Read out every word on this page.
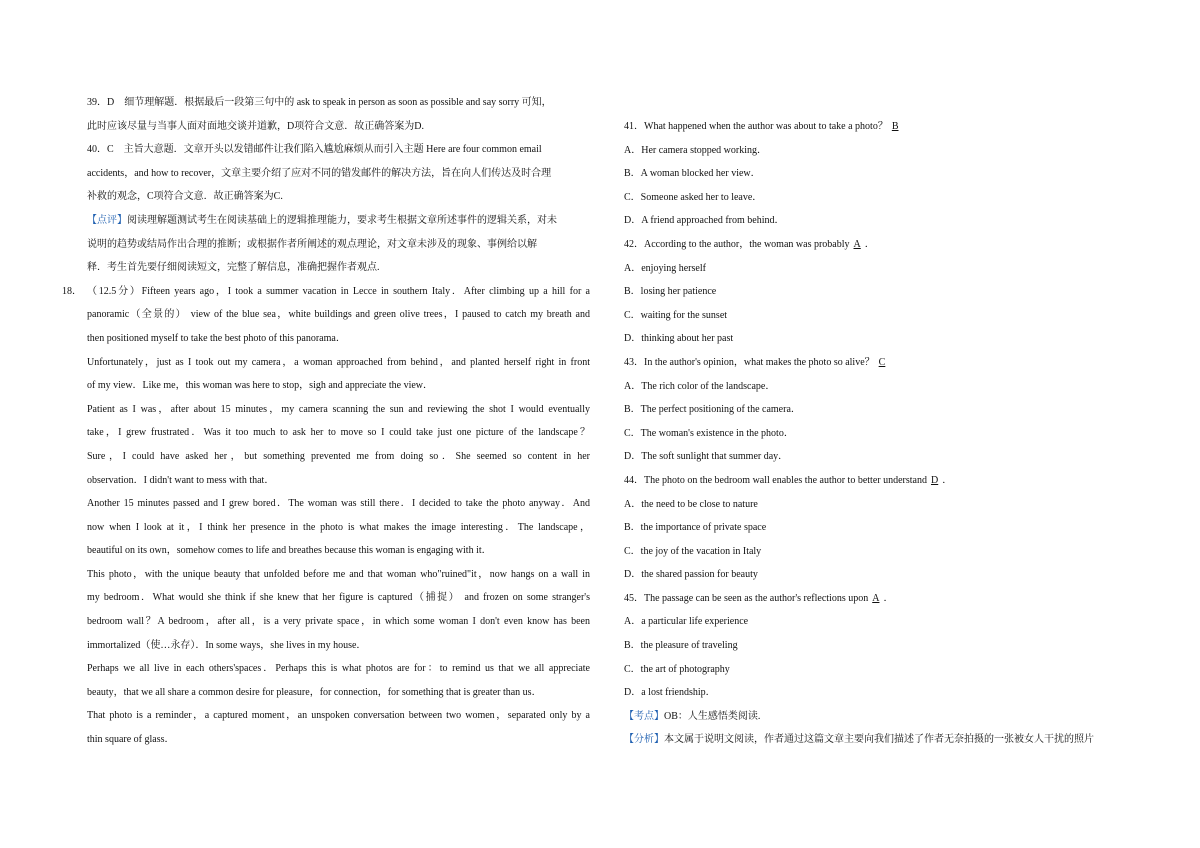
39．D　细节理解题．根据最后一段第三句中的 ask to speak in person as soon as possible and say sorry 可知，
此时应该尽量与当事人面对面地交谈并道歉，D项符合文意．故正确答案为D.
40．C　主旨大意题．文章开头以发错邮件让我们陷入尴尬麻烦从而引入主题 Here are four common email
accidents，and how to recover，文章主要介绍了应对不同的错发邮件的解决方法，旨在向人们传达及时合理
补救的观念，C项符合文意．故正确答案为C.
【点评】阅读理解题测试考生在阅读基础上的逻辑推理能力，要求考生根据文章所述事件的逻辑关系，对未
说明的趋势或结局作出合理的推断；或根据作者所阐述的观点理论，对文章未涉及的现象、事例给以解
释．考生首先要仔细阅读短文，完整了解信息，准确把握作者观点.
18． （12.5分）Fifteen years ago，I took a summer vacation in Lecce in southern Italy．After climbing up a hill for a
panoramic（全景的） view of the blue sea，white buildings and green olive trees，I paused to catch my breath and
then positioned myself to take the best photo of this panorama．
Unfortunately，just as I took out my camera，a woman approached from behind，and planted herself right in front
of my view．Like me，this woman was here to stop，sigh and appreciate the view．
Patient as I was，after about 15 minutes，my camera scanning the sun and reviewing the shot I would eventually
take，I grew frustrated．Was it too much to ask her to move so I could take just one picture of the landscape？
Sure，I could have asked her，but something prevented me from doing so．She seemed so content in her
observation．I didn't want to mess with that．
Another 15 minutes passed and I grew bored．The woman was still there．I decided to take the photo anyway．And
now when I look at it，I think her presence in the photo is what makes the image interesting．The landscape，
beautiful on its own，somehow comes to life and breathes because this woman is engaging with it．
This photo，with the unique beauty that unfolded before me and that woman who"ruined"it，now hangs on a wall in
my bedroom．What would she think if she knew that her figure is captured（捕捉） and frozen on some stranger's
bedroom wall？A bedroom，after all，is a very private space，in which some woman I don't even know has been
immortalized（使…永存）．In some ways，she lives in my house．
Perhaps we all live in each others'spaces．Perhaps this is what photos are for：to remind us that we all appreciate
beauty，that we all share a common desire for pleasure，for connection，for something that is greater than us．
That photo is a reminder，a captured moment，an unspoken conversation between two women，separated only by a
thin square of glass．
41．What happened when the author was about to take a photo？ B
A．Her camera stopped working．
B．A woman blocked her view．
C．Someone asked her to leave．
D．A friend approached from behind．
42．According to the author，the woman was probably A ．
A．enjoying herself
B．losing her patience
C．waiting for the sunset
D．thinking about her past
43．In the author's opinion，what makes the photo so alive？ C
A．The rich color of the landscape．
B．The perfect positioning of the camera．
C．The woman's existence in the photo．
D．The soft sunlight that summer day．
44．The photo on the bedroom wall enables the author to better understand D ．
A．the need to be close to nature
B．the importance of private space
C．the joy of the vacation in Italy
D．the shared passion for beauty
45．The passage can be seen as the author's reflections upon A ．
A．a particular life experience
B．the pleasure of traveling
C．the art of photography
D．a lost friendship．
【考点】OB：人生感悟类阅读.
【分析】本文属于说明文阅读，作者通过这篇文章主要向我们描述了作者无奈拍摄的一张被女人干扰的照片
